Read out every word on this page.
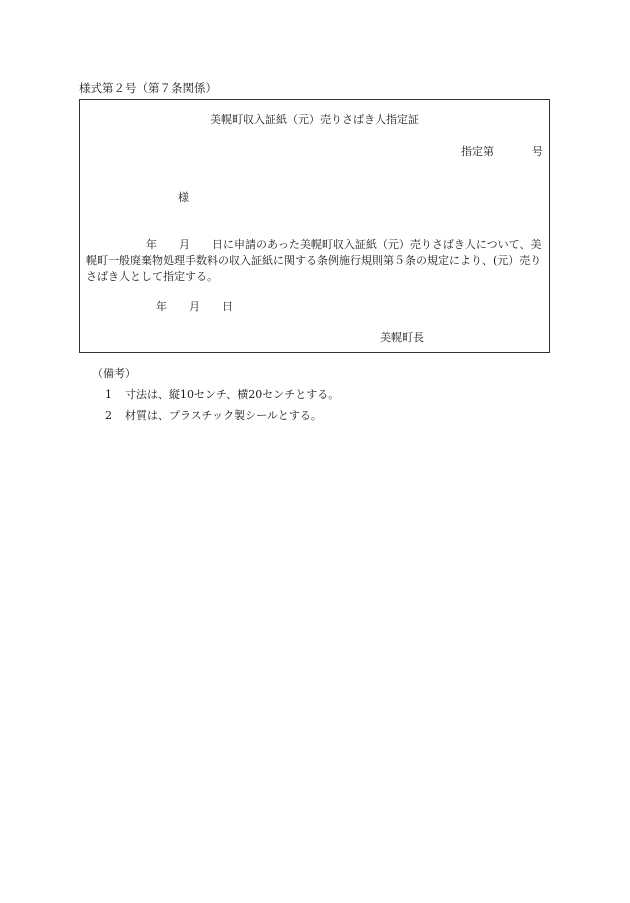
様式第２号（第７条関係）
美幌町収入証紙（元）売りさばき人指定証
指定第	号
様
年 月 日に申請のあった美幌町収入証紙（元）売りさばき人について、美幌町一般廃棄物処理手数料の収入証紙に関する条例施行規則第５条の規定により、(元）売りさばき人として指定する。
年 月 日
美幌町長
（備考）
1 寸法は、縦10センチ、横20センチとする。
2 材質は、プラスチック製シールとする。
